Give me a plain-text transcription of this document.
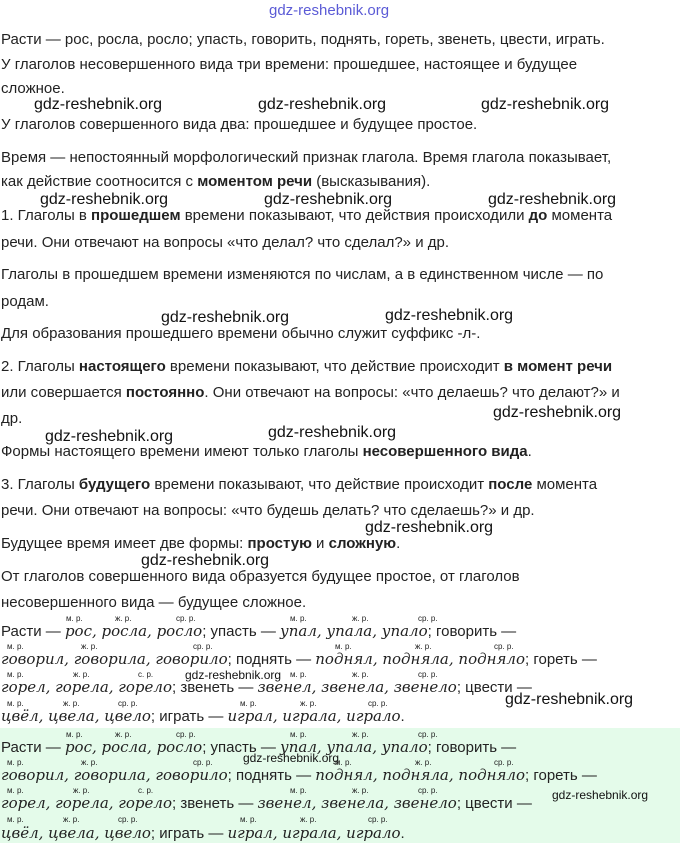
gdz-reshebnik.org
gdz-reshebnik.org	gdz-reshebnik.org	gdz-reshebnik.org
gdz-reshebnik.org	gdz-reshebnik.org	gdz-reshebnik.org
gdz-reshebnik.org	gdz-reshebnik.org
gdz-reshebnik.org
gdz-reshebnik.org	gdz-reshebnik.org
gdz-reshebnik.org
gdz-reshebnik.org
gdz-reshebnik.org
gdz-reshebnik.org
gdz-reshebnik.org
gdz-reshebnik.org
Расти — рос, росла, росло; упасть, говорить, поднять, гореть, звенеть, цвести, играть.
У глаголов несовершенного вида три времени: прошедшее, настоящее и будущее
сложное.
У глаголов совершенного вида два: прошедшее и будущее простое.
Время — непостоянный морфологический признак глагола. Время глагола показывает,
как действие соотносится с моментом речи (высказывания).
1. Глаголы в прошедшем времени показывают, что действия происходили до момента
речи. Они отвечают на вопросы «что делал? что сделал?» и др.
Глаголы в прошедшем времени изменяются по числам, а в единственном числе — по
родам.
Для образования прошедшего времени обычно служит суффикс -л-.
2. Глаголы настоящего времени показывают, что действие происходит в момент речи
или совершается постоянно. Они отвечают на вопросы: «что делаешь? что делают?» и
др.
Формы настоящего времени имеют только глаголы несовершенного вида.
3. Глаголы будущего времени показывают, что действие происходит после момента
речи. Они отвечают на вопросы: «что будешь делать? что сделаешь?» и др.
Будущее время имеет две формы: простую и сложную.
От глаголов совершенного вида образуется будущее простое, от глаголов
несовершенного вида — будущее сложное.
Расти — рос, росла, росло; упасть — упал, упала, упало; говорить —
говорил, говорила, говорило; поднять — поднял, подняла, подняло; гореть —
горел, горела, горело; звенеть — звенел, звенела, звенело; цвести —
цвёл, цвела, цвело; играть — играл, играла, играло.
Расти — рос, росла, росло; упасть — упал, упала, упало; говорить —
говорил, говорила, говорило; поднять — поднял, подняла, подняло; гореть —
горел, горела, горело; звенеть — звенел, звенела, звенело; цвести —
цвёл, цвела, цвело; играть — играл, играла, играло.
м. р.	ж. р.	ср. р.	м. р.	ж. р.	ср. р.
м. р.	ж. р.	ср. р.	м. р.	ж. р.	ср. р.
м. р.	ж. р.	с. р.	м. р.	ж. р.	ср. р.
м. р.	ж. р.	ср. р.	м. р.	ж. р.	ср. р.
м. р.	ж. р.	ср. р.	м. р.	ж. р.	ср. р.
м. р.	ж. р.	ср. р.	м. р.	ж. р.	ср. р.
м. р.	ж. р.	с. р.	м. р.	ж. р.	ср. р.
м. р.	ж. р.	ср. р.	м. р.	ж. р.	ср. р.
